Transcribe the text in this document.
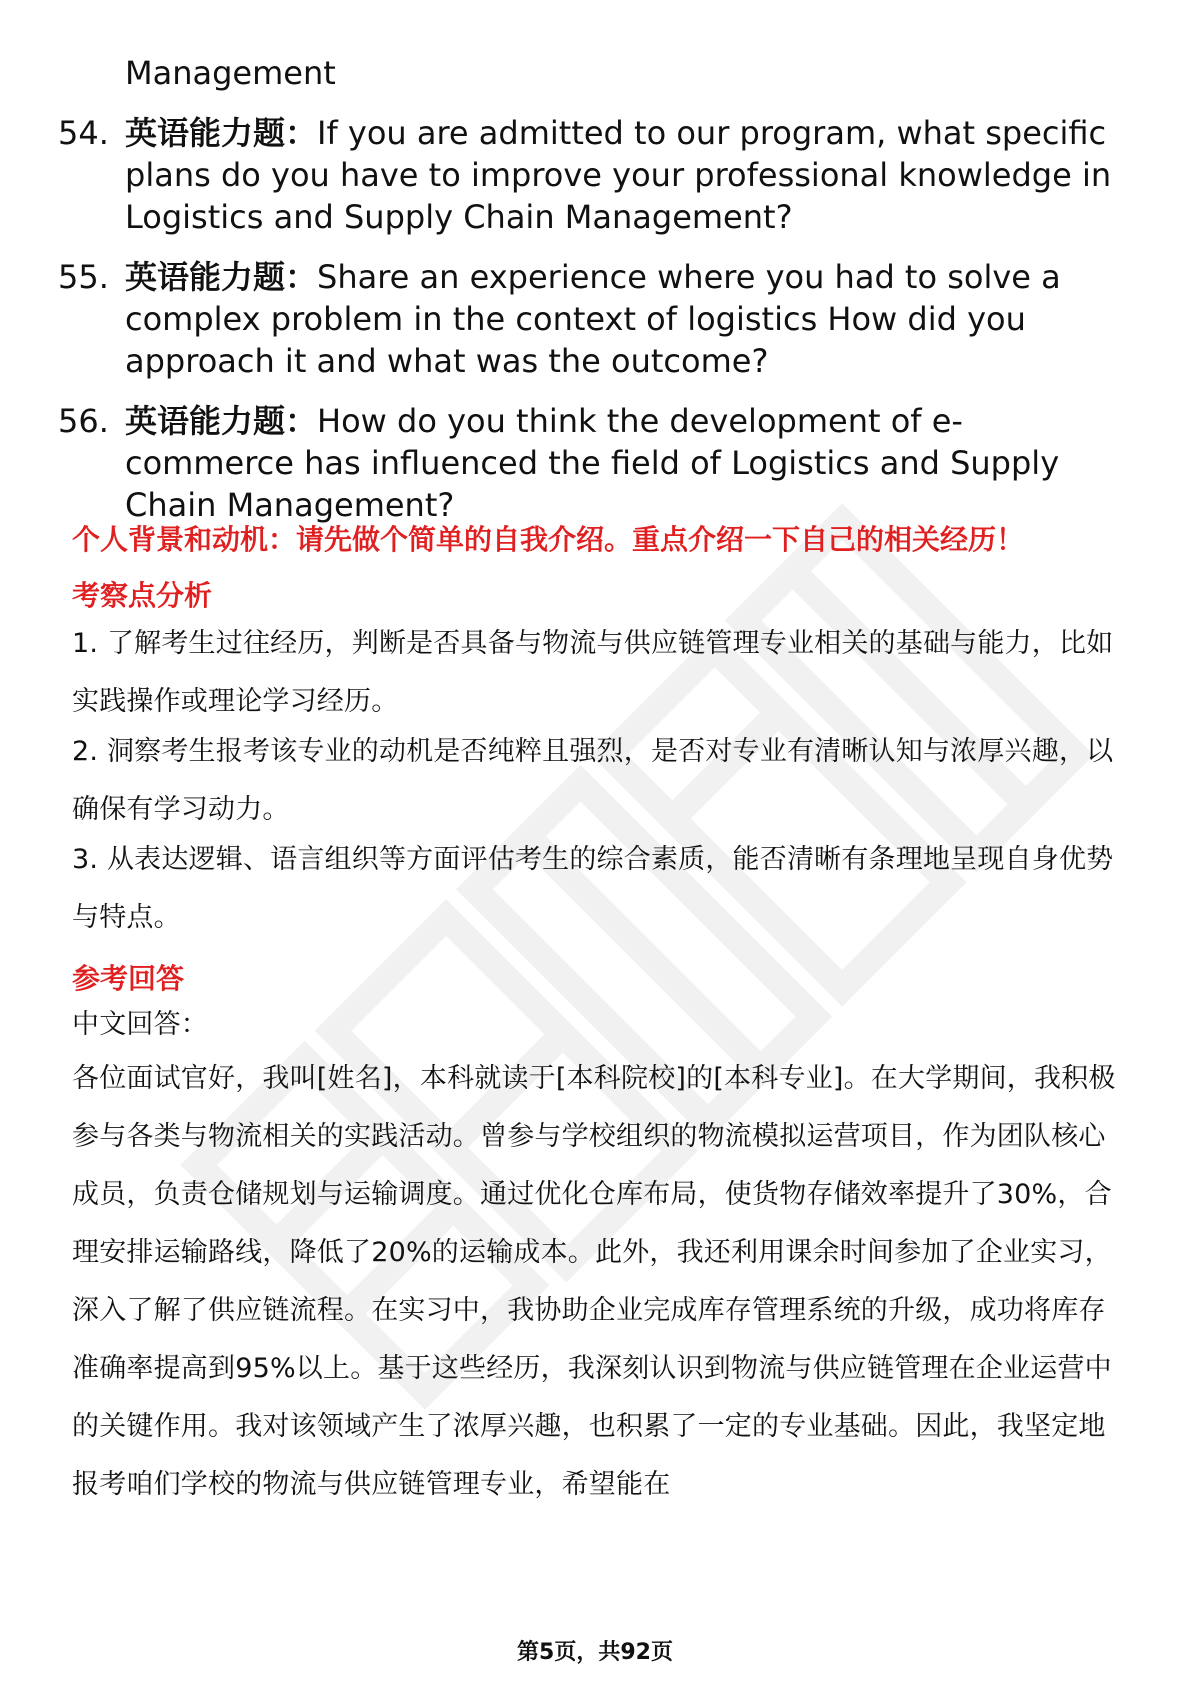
Management
54. 英语能力题：If you are admitted to our program, what specific plans do you have to improve your professional knowledge in Logistics and Supply Chain Management?
55. 英语能力题：Share an experience where you had to solve a complex problem in the context of logistics How did you approach it and what was the outcome?
56. 英语能力题：How do you think the development of e-commerce has influenced the field of Logistics and Supply Chain Management?
个人背景和动机：请先做个简单的自我介绍。重点介绍一下自己的相关经历！
考察点分析
1. 了解考生过往经历，判断是否具备与物流与供应链管理专业相关的基础与能力，比如实践操作或理论学习经历。
2. 洞察考生报考该专业的动机是否纯粹且强烈，是否对专业有清晰认知与浓厚兴趣，以确保有学习动力。
3. 从表达逻辑、语言组织等方面评估考生的综合素质，能否清晰有条理地呈现自身优势与特点。
参考回答
中文回答：
各位面试官好，我叫[姓名]，本科就读于[本科院校]的[本科专业]。在大学期间，我积极参与各类与物流相关的实践活动。曾参与学校组织的物流模拟运营项目，作为团队核心成员，负责仓储规划与运输调度。通过优化仓库布局，使货物存储效率提升了30%，合理安排运输路线，降低了20%的运输成本。此外，我还利用课余时间参加了企业实习，深入了解了供应链流程。在实习中，我协助企业完成库存管理系统的升级，成功将库存准确率提高到95%以上。基于这些经历，我深刻认识到物流与供应链管理在企业运营中的关键作用。我对该领域产生了浓厚兴趣，也积累了一定的专业基础。因此，我坚定地报考咱们学校的物流与供应链管理专业，希望能在
第5页，共92页
